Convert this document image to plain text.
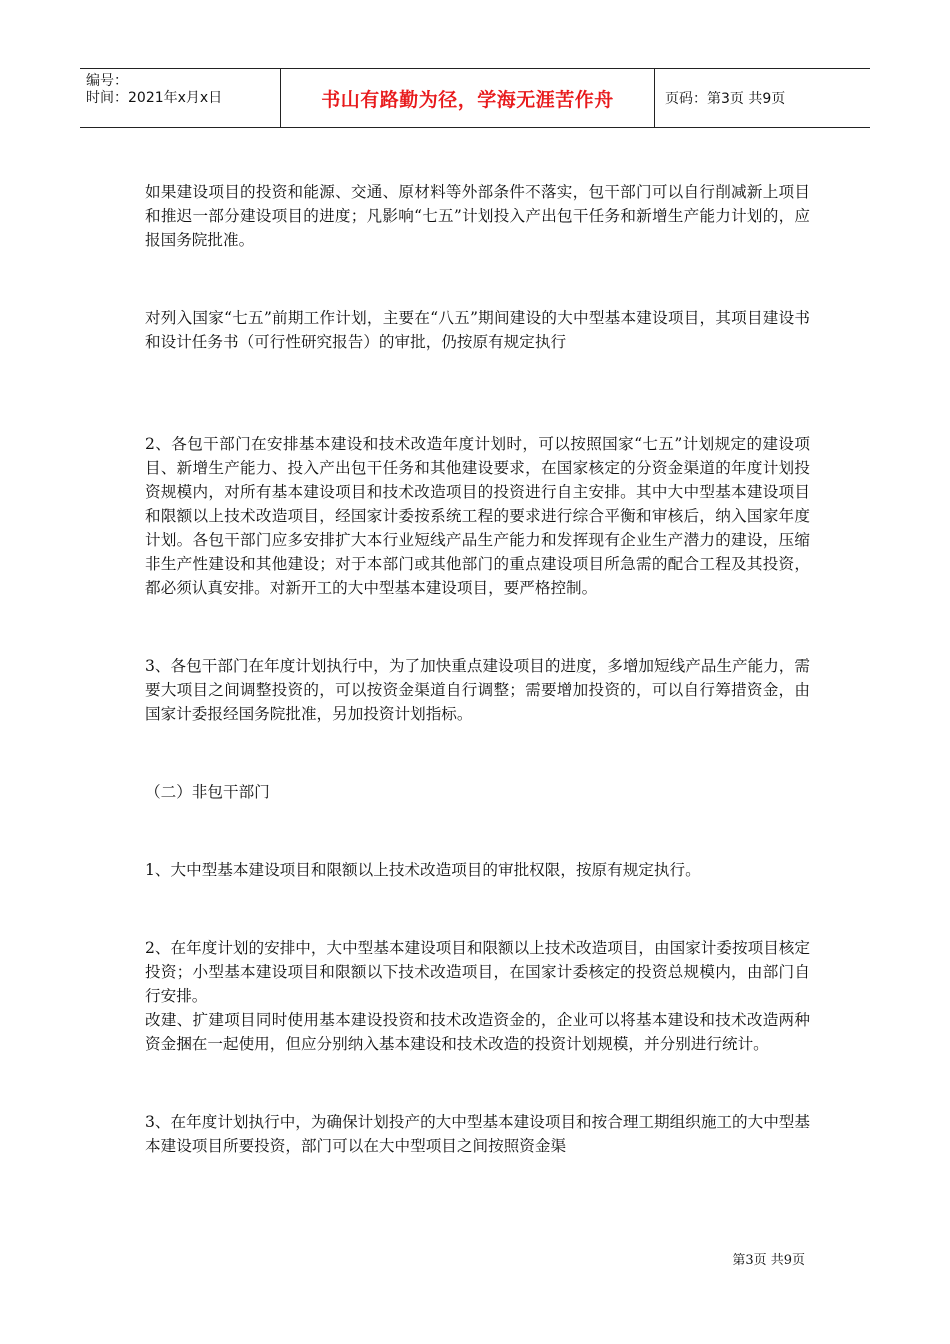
编号：
时间：2021年x月x日	书山有路勤为径，学海无涯苦作舟	页码：第3页 共9页

如果建设项目的投资和能源、交通、原材料等外部条件不落实，包干部门可以自行削减新上项目和推迟一部分建设项目的进度；凡影响“七五”计划投入产出包干任务和新增生产能力计划的，应报国务院批准。

对列入国家“七五”前期工作计划，主要在“八五”期间建设的大中型基本建设项目，其项目建设书和设计任务书（可行性研究报告）的审批，仍按原有规定执行

2、各包干部门在安排基本建设和技术改造年度计划时，可以按照国家“七五”计划规定的建设项目、新增生产能力、投入产出包干任务和其他建设要求，在国家核定的分资金渠道的年度计划投资规模内，对所有基本建设项目和技术改造项目的投资进行自主安排。其中大中型基本建设项目和限额以上技术改造项目，经国家计委按系统工程的要求进行综合平衡和审核后，纳入国家年度计划。各包干部门应多安排扩大本行业短线产品生产能力和发挥现有企业生产潜力的建设，压缩非生产性建设和其他建设；对于本部门或其他部门的重点建设项目所急需的配合工程及其投资，都必须认真安排。对新开工的大中型基本建设项目，要严格控制。

3、各包干部门在年度计划执行中，为了加快重点建设项目的进度，多增加短线产品生产能力，需要大项目之间调整投资的，可以按资金渠道自行调整；需要增加投资的，可以自行筹措资金，由国家计委报经国务院批准，另加投资计划指标。

（二）非包干部门

1、大中型基本建设项目和限额以上技术改造项目的审批权限，按原有规定执行。

2、在年度计划的安排中，大中型基本建设项目和限额以上技术改造项目，由国家计委按项目核定投资；小型基本建设项目和限额以下技术改造项目，在国家计委核定的投资总规模内，由部门自行安排。

改建、扩建项目同时使用基本建设投资和技术改造资金的，企业可以将基本建设和技术改造两种资金捆在一起使用，但应分别纳入基本建设和技术改造的投资计划规模，并分别进行统计。

3、在年度计划执行中，为确保计划投产的大中型基本建设项目和按合理工期组织施工的大中型基本建设项目所要投资，部门可以在大中型项目之间按照资金渠

第3页 共9页
